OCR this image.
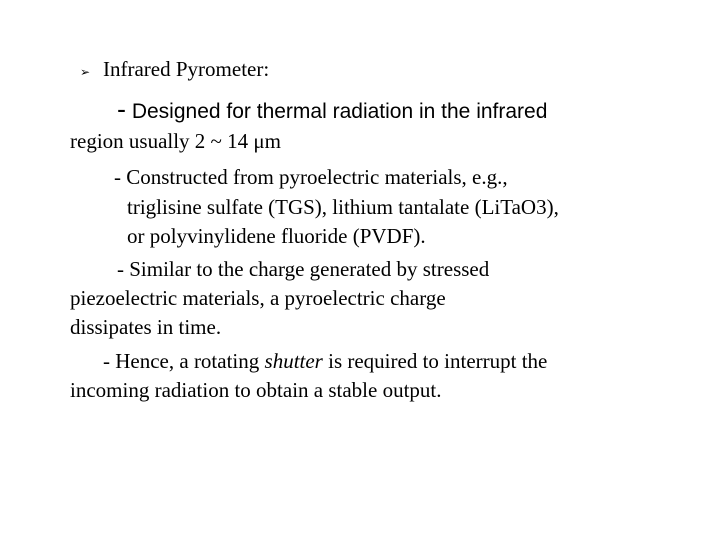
➢ Infrared Pyrometer:
- Designed for thermal radiation in the infrared
region usually 2 ~ 14 μm
- Constructed from pyroelectric materials, e.g.,
triglisine sulfate (TGS), lithium tantalate (LiTaO3),
or polyvinylidene fluoride (PVDF).
- Similar to the charge generated by stressed
piezoelectric materials, a pyroelectric charge
dissipates in time.
- Hence, a rotating shutter is required to interrupt the
incoming radiation to obtain a stable output.
